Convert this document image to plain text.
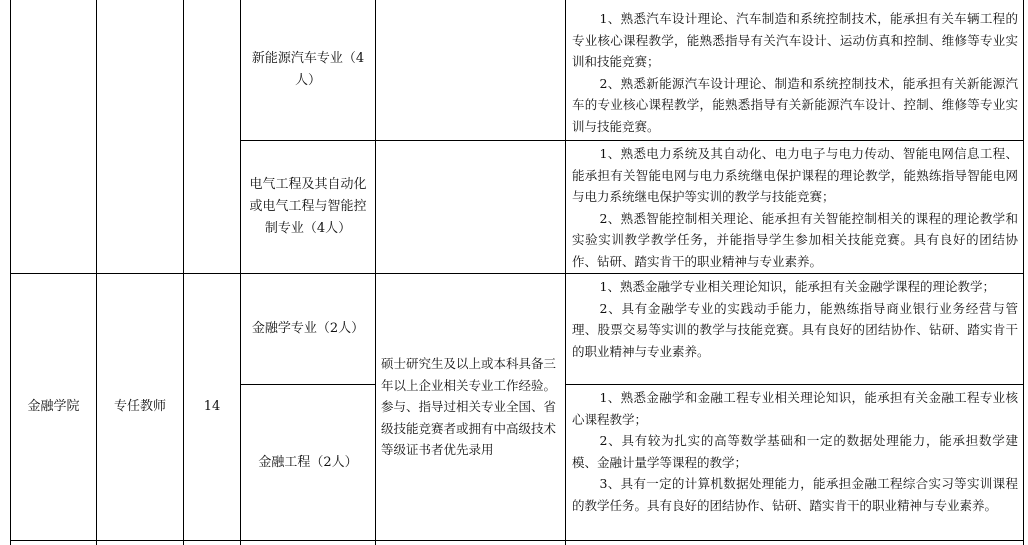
新能源汽车专业（4人）
电气工程及其自动化或电气工程与智能控制专业（4人）

1、熟悉汽车设计理论、汽车制造和系统控制技术，能承担有关车辆工程的专业核心课程教学，能熟悉指导有关汽车设计、运动仿真和控制、维修等专业实训和技能竞赛；

2、熟悉新能源汽车设计理论、制造和系统控制技术，能承担有关新能源汽车的专业核心课程教学，能熟悉指导有关新能源汽车设计、控制、维修等专业实训与技能竞赛。

1、熟悉电力系统及其自动化、电力电子与电力传动、智能电网信息工程、能承担有关智能电网与电力系统继电保护课程的理论教学，能熟练指导智能电网与电力系统继电保护等实训的教学与技能竞赛；

2、熟悉智能控制相关理论、能承担有关智能控制相关的课程的理论教学和实验实训教学教学任务，并能指导学生参加相关技能竞赛。具有良好的团结协作、钻研、踏实肯干的职业精神与专业素养。

金融学院	专任教师	14
金融学专业（2人）
金融工程（2人）
硕士研究生及以上或本科具备三年以上企业相关专业工作经验。参与、指导过相关专业全国、省级技能竞赛者或拥有中高级技术等级证书者优先录用

1、熟悉金融学专业相关理论知识，能承担有关金融学课程的理论教学；

2、具有金融学专业的实践动手能力，能熟练指导商业银行业务经营与管理、股票交易等实训的教学与技能竞赛。具有良好的团结协作、钻研、踏实肯干的职业精神与专业素养。

1、熟悉金融学和金融工程专业相关理论知识，能承担有关金融工程专业核心课程教学；

2、具有较为扎实的高等数学基础和一定的数据处理能力，能承担数学建模、金融计量学等课程的教学；

3、具有一定的计算机数据处理能力，能承担金融工程综合实习等实训课程的教学任务。具有良好的团结协作、钻研、踏实肯干的职业精神与专业素养。
